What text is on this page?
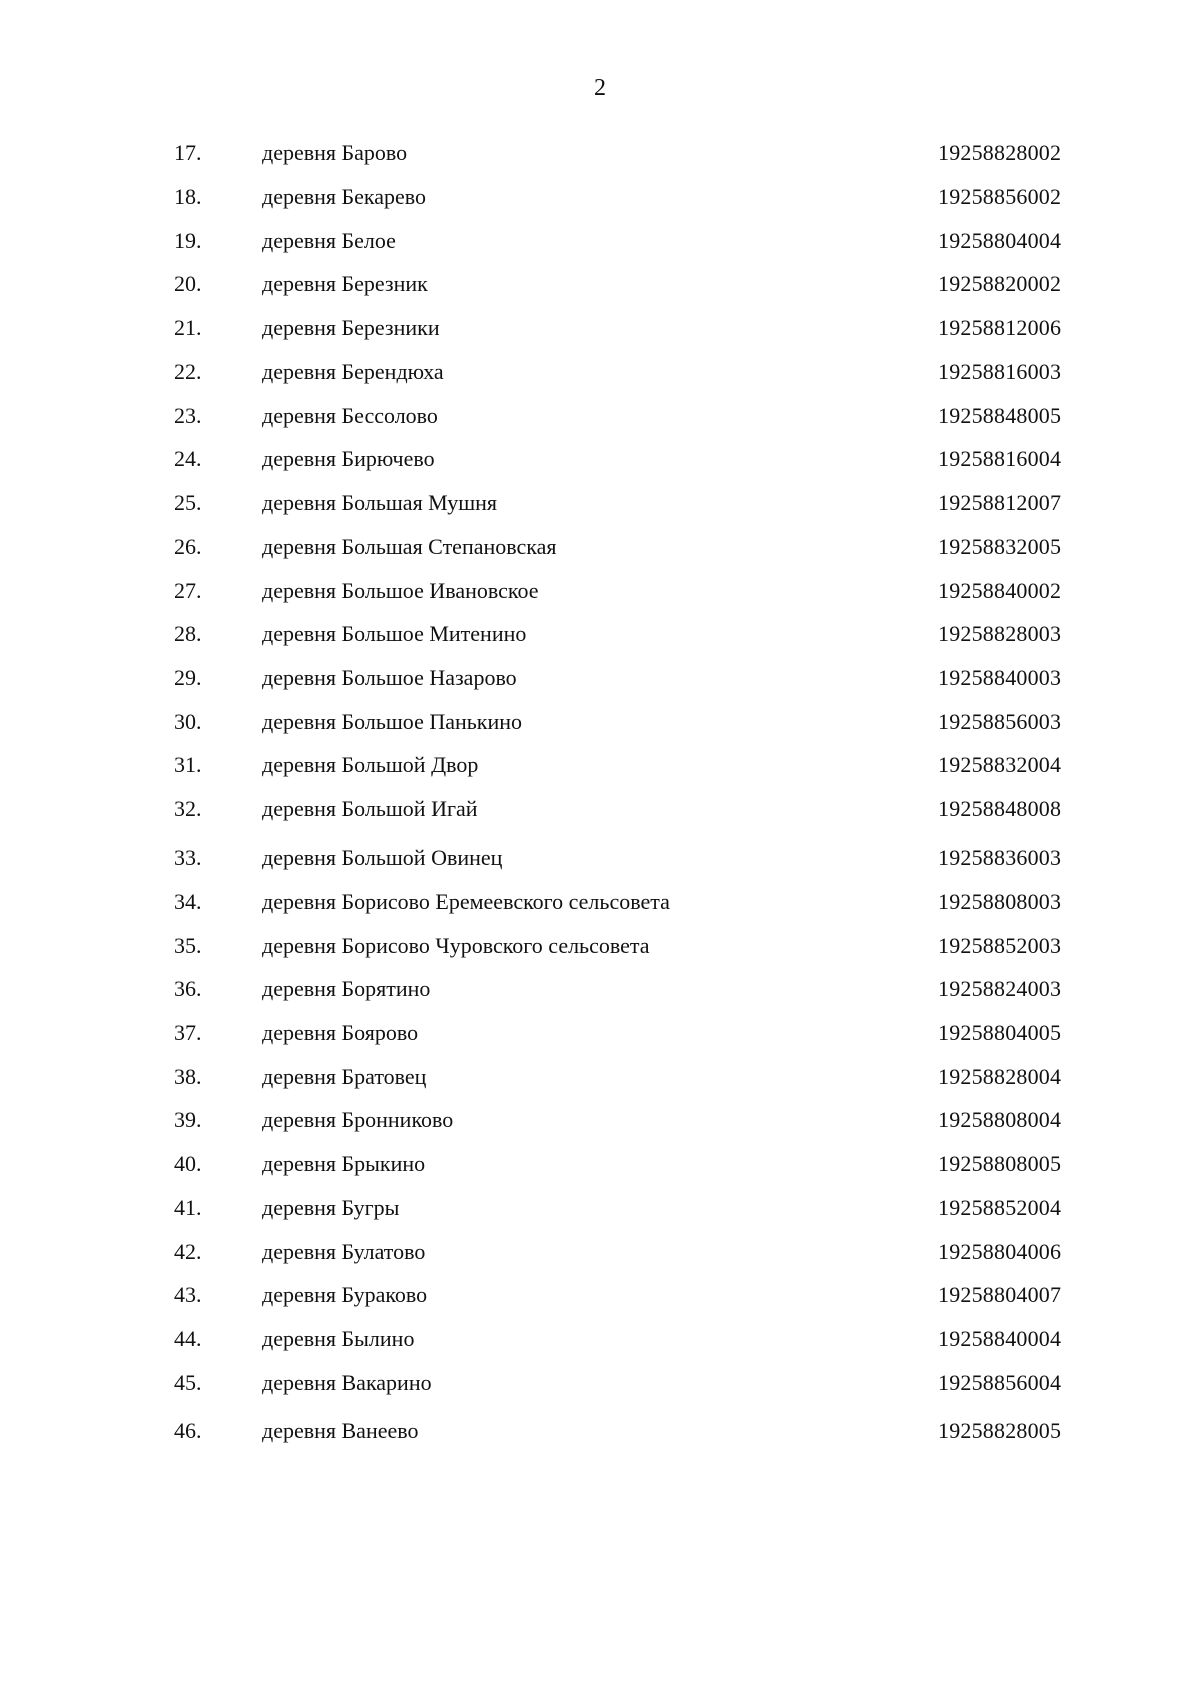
2
17.	деревня Барово	19258828002
18.	деревня Бекарево	19258856002
19.	деревня Белое	19258804004
20.	деревня Березник	19258820002
21.	деревня Березники	19258812006
22.	деревня Берендюха	19258816003
23.	деревня Бессолово	19258848005
24.	деревня Бирючево	19258816004
25.	деревня Большая Мушня	19258812007
26.	деревня Большая Степановская	19258832005
27.	деревня Большое Ивановское	19258840002
28.	деревня Большое Митенино	19258828003
29.	деревня Большое Назарово	19258840003
30.	деревня Большое Панькино	19258856003
31.	деревня Большой Двор	19258832004
32.	деревня Большой Игай	19258848008
33.	деревня Большой Овинец	19258836003
34.	деревня Борисово Еремеевского сельсовета	19258808003
35.	деревня Борисово Чуровского сельсовета	19258852003
36.	деревня Борятино	19258824003
37.	деревня Боярово	19258804005
38.	деревня Братовец	19258828004
39.	деревня Бронниково	19258808004
40.	деревня Брыкино	19258808005
41.	деревня Бугры	19258852004
42.	деревня Булатово	19258804006
43.	деревня Бураково	19258804007
44.	деревня Былино	19258840004
45.	деревня Вакарино	19258856004
46.	деревня Ванеево	19258828005
